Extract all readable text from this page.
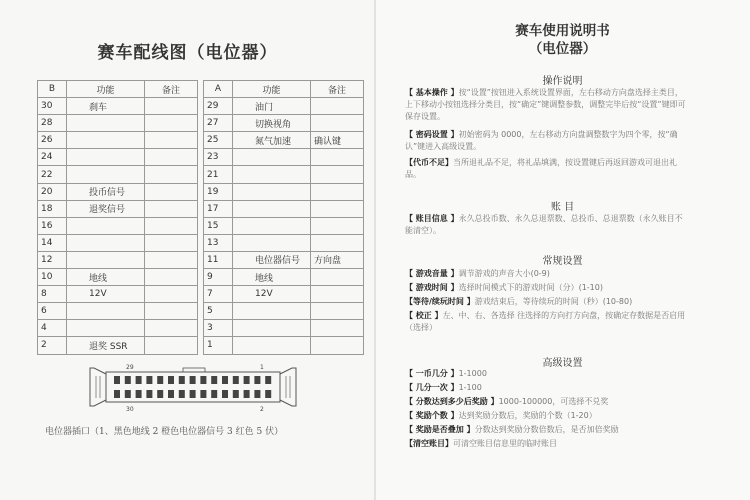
赛车配线图（电位器）
B	功能	备注
30	刹车	
28		
26		
24		
22		
20	投币信号	
18	退奖信号	
16		
14		
12		
10	地线	
8	12V	
6		
4		
2	退奖 SSR	
A	功能	备注
29	油门	
27	切换视角	
25	氮气加速	确认键
23		
21		
19		
17		
15		
13		
11	电位器信号	方向盘
9	地线	
7	12V	
5		
3		
1		
29	1
30	2
电位器插口（1、黑色地线 2 橙色电位器信号 3 红色 5 伏）
赛车使用说明书
（电位器）
操作说明
【 基本操作 】按“设置”按钮进入系统设置界面，左右移动方向盘选择主类目，上下移动小按钮选择分类目，按“确定”键调整参数，调整完毕后按“设置”键即可保存设置。
【 密码设置 】初始密码为 0000，左右移动方向盘调整数字为四个零，按“确认”键进入高级设置。
【代币不足】当所退礼品不足，将礼品填满，按设置键后再返回游戏可退出礼品。
账 目
【 账目信息 】永久总投币数、永久总退票数、总投币、总退票数（永久账目不能清空）。
常规设置
【 游戏音量 】调节游戏的声音大小(0-9)
【 游戏时间 】选择时间模式下的游戏时间（分）(1-10)
【等待/续玩时间 】游戏结束后，等待续玩的时间（秒）(10-80)
【 校正 】左、中、右、各选择 往选择的方向打方向盘，按确定存数据是否启用（选择）
高级设置
【 一币几分 】1-1000
【 几分一次 】1-100
【 分数达到多少后奖励 】1000-100000，可选择不兑奖
【 奖励个数 】达到奖励分数后，奖励的个数（1-20）
【 奖励是否叠加 】分数达到奖励分数倍数后，是否加倍奖励
【清空账目】可清空账目信息里的临时账目
